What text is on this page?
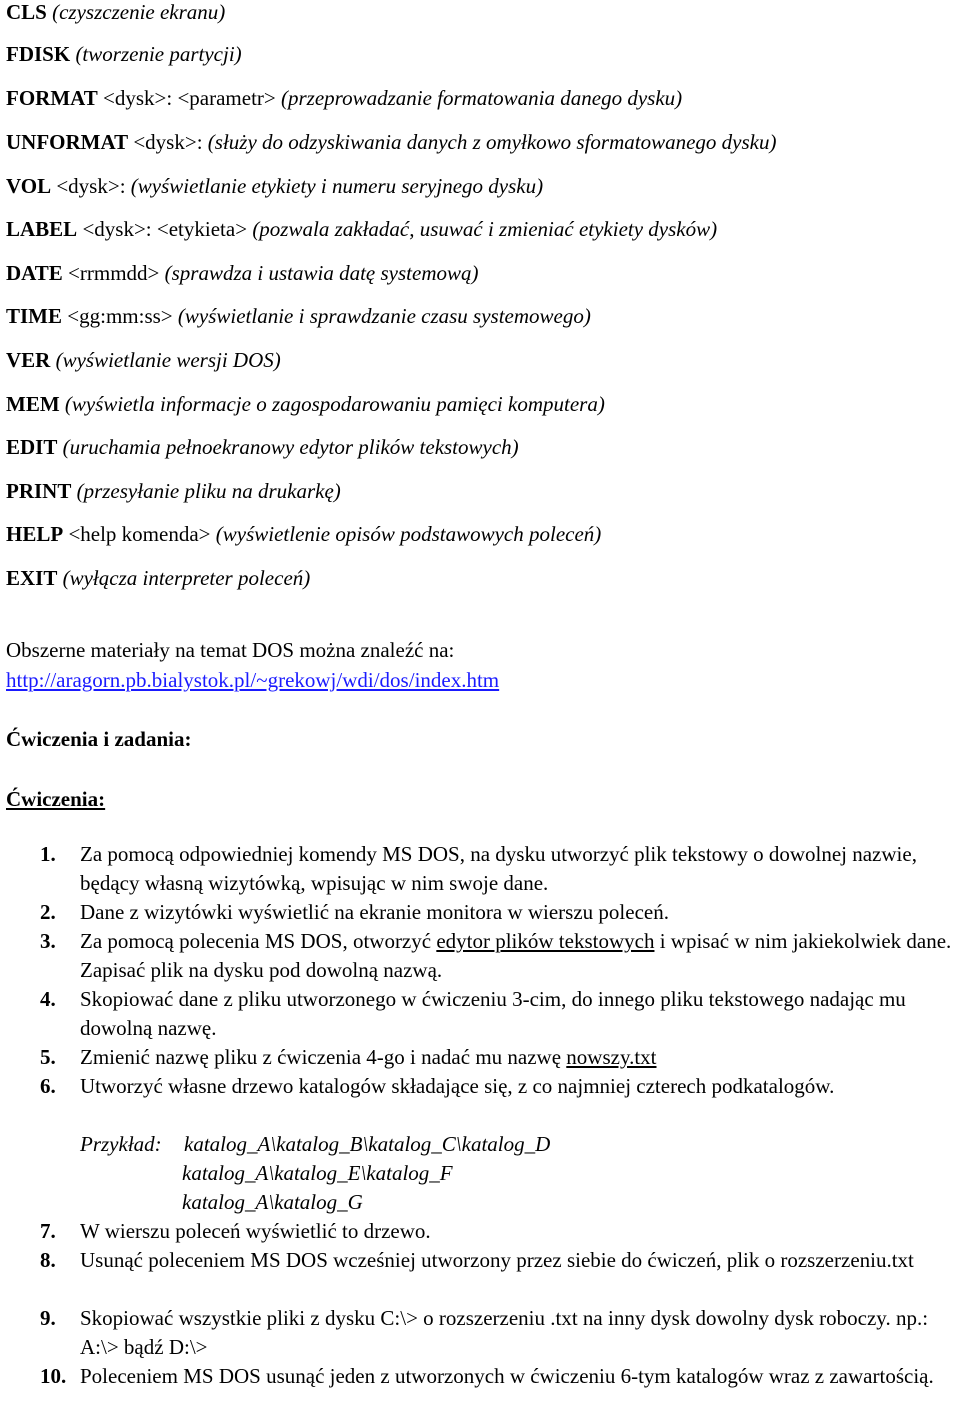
CLS (czyszczenie ekranu)
FDISK (tworzenie partycji)
FORMAT <dysk>: <parametr> (przeprowadzanie formatowania danego dysku)
UNFORMAT <dysk>: (służy do odzyskiwania danych z omyłkowo sformatowanego dysku)
VOL <dysk>: (wyświetlanie etykiety i numeru seryjnego dysku)
LABEL <dysk>: <etykieta> (pozwala zakładać, usuwać i zmieniać etykiety dysków)
DATE <rrmmdd> (sprawdza i ustawia datę systemową)
TIME <gg:mm:ss> (wyświetlanie i sprawdzanie czasu systemowego)
VER (wyświetlanie wersji DOS)
MEM (wyświetla informacje o zagospodarowaniu pamięci komputera)
EDIT (uruchamia pełnoekranowy edytor plików tekstowych)
PRINT (przesyłanie pliku na drukarkę)
HELP <help komenda> (wyświetlenie opisów podstawowych poleceń)
EXIT (wyłącza interpreter poleceń)
Obszerne materiały na temat DOS można znaleźć na:
http://aragorn.pb.bialystok.pl/~grekowj/wdi/dos/index.htm
Ćwiczenia i zadania:
Ćwiczenia:
1.	Za pomocą odpowiedniej komendy MS DOS, na dysku utworzyć plik tekstowy o dowolnej nazwie, będący własną wizytówką, wpisując w nim swoje dane.
2.	Dane z wizytówki wyświetlić na ekranie monitora w wierszu poleceń.
3.	Za pomocą polecenia MS DOS, otworzyć edytor plików tekstowych i wpisać w nim jakiekolwiek dane. Zapisać plik na dysku pod dowolną nazwą.
4.	Skopiować dane z pliku utworzonego w ćwiczeniu 3-cim, do innego pliku tekstowego nadając mu dowolną nazwę.
5.	Zmienić nazwę pliku z ćwiczenia 4-go i nadać mu nazwę nowszy.txt
6.	Utworzyć własne drzewo katalogów składające się, z co najmniej czterech podkatalogów.
Przykład: katalog_A\katalog_B\katalog_C\katalog_D
katalog_A\katalog_E\katalog_F
katalog_A\katalog_G
7.	W wierszu poleceń wyświetlić to drzewo.
8.	Usunąć poleceniem MS DOS wcześniej utworzony przez siebie do ćwiczeń, plik o rozszerzeniu.txt
9.	Skopiować wszystkie pliki z dysku C:\> o rozszerzeniu .txt na inny dysk dowolny dysk roboczy. np.: A:\> bądź D:\>
10. Poleceniem MS DOS usunąć jeden z utworzonych w ćwiczeniu 6-tym katalogów wraz z zawartością.
